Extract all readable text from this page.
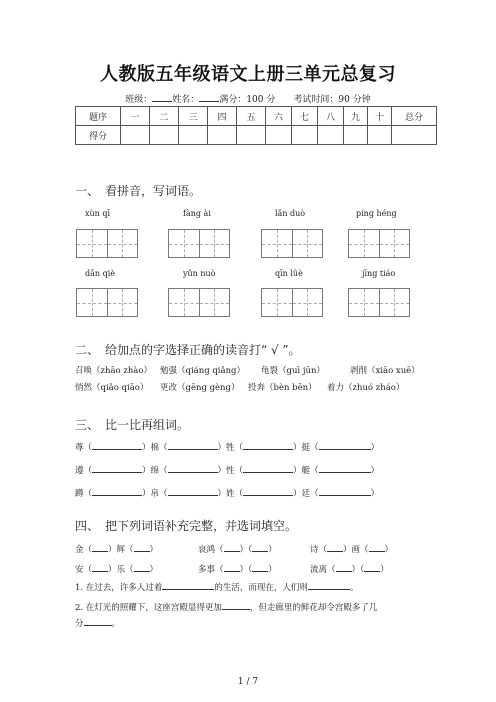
人教版五年级语文上册三单元总复习
班级： 姓名： 满分：100 分　　 考试时间：90 分钟
题序	一	二	三	四	五	六	七	八	九	十	总分
得分											
一、　看拼音，写词语。
xùn qī	fàng ài	lǎn duò	píng héng
dǎn qiè	yǔn nuò	qīn lüè	jīng tiáo
二、　给加点的字选择正确的读音打“ √ ”。
召唤（zhāo zhào） 勉强（qiáng qiǎng） 龟裂（guī jūn）	剥削（xiāo xuē）
悄然（qiǎo qiāo） 更改（gēng gèng） 投奔（bèn bēn） 着力（zhuó zháo）
三、　比一比再组词。
尊（	）棉（	）牲（	）挺（	）
遵（	）绵（	）性（	）艇（	）
蹲（	）帛（	）姓（	）廷（	）
四、　把下列词语补充完整，并选词填空。
金（ ）辉（ ）	哀鸿（ ）（ ）	诗（ ）画（ ）
安（ ）乐（ ）	多事（ ）（ ）	流离（ ）（ ）
1. 在过去，许多人过着	的生活，而现在，人们则	。
2. 在灯光的照耀下，这座宫殿显得更加	，但走廊里的鲜花却令宫殿多了几
分	。
1 / 7
